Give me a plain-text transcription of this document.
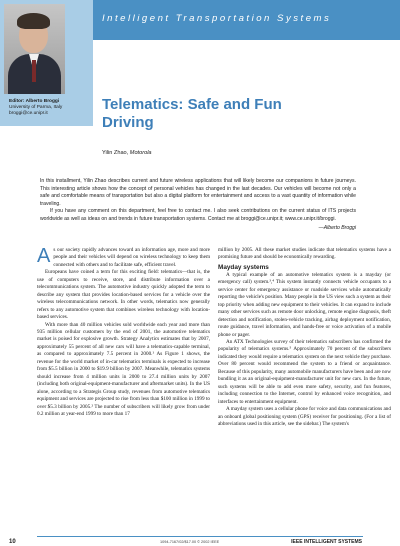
Intelligent Transportation Systems
Editor: Alberto Broggi
University of Parma, Italy
broggi@ce.unipr.it
Telematics: Safe and Fun
Driving
Yilin Zhao, Motorola

In this installment, Yilin Zhao describes current and future wireless applications that will likely become our companions in future journeys. This interesting article shows how the concept of personal vehicles has changed in the last decades. Our vehicles will become not only a safe and comfortable means of transportation but also a digital platform for entertainment and access to a vast quantity of information while traveling.

If you have any comment on this department, feel free to contact me. I also seek contributions on the current status of ITS projects worldwide as well as ideas on and trends in future transportation systems. Contact me at broggi@ce.unipr.it; www.ce.unipr.it/broggi.

—Alberto Broggi

As our society rapidly advances toward an information age, more and more people and their vehicles will depend on wireless technology to keep them connected with others and to facilitate safe, efficient travel.

Europeans have coined a term for this exciting field: telematics—that is, the use of computers to receive, store, and distribute information over a telecommunications system. The automotive industry quickly adopted the term to describe any system that provides location-based services for a vehicle over the wireless telecommunications network. In other words, telematics now generally refers to any automotive system that combines wireless technology with location-based services.

With more than 40 million vehicles sold worldwide each year and more than 935 million cellular customers by the end of 2001, the automotive telematics market is poised for explosive growth. Strategy Analytics estimates that by 2007, approximately 55 percent of all new cars will have a telematics-capable terminal, as compared to approximately 7.5 percent in 2000.¹ As Figure 1 shows, the revenue for the world market of in-car telematics terminals is expected to increase from $5.5 billion in 2000 to $19.9 billion by 2007. Meanwhile, telematics systems should increase from 4 million units in 2000 to 27.4 million units by 2007 (including both original-equipment-manufacturer and aftermarket units). In the US alone, according to a Strategis Group study, revenues from automotive telematics equipment and services are projected to rise from less than $100 million in 1999 to over $5.3 billion by 2005.² The number of subscribers will likely grow from under 0.2 million at year-end 1999 to more than 17

million by 2005. All these market studies indicate that telematics systems have a promising future and should be economically rewarding.

Mayday systems

A typical example of an automotive telematics system is a mayday (or emergency call) system.³,⁴ This system instantly connects vehicle occupants to a service center for emergency assistance or roadside services while automatically reporting the vehicle's position. Many people in the US view such a system as their top priority when adding new equipment to their vehicles. It can expand to include many other services such as remote door unlocking, remote engine diagnosis, theft detection and notification, stolen-vehicle tracking, airbag deployment notification, route guidance, travel information, and hands-free or voice activation of a mobile phone or pager.

An ATX Technologies survey of their telematics subscribers has confirmed the popularity of telematics systems.⁵ Approximately 70 percent of the subscribers indicated they would require a telematics system on the next vehicle they purchase. Over 80 percent would recommend the system to a friend or acquaintance. Because of this popularity, many automobile manufacturers have been and are now bundling it as an original-equipment-manufacturer unit for new cars. In the future, such systems will be able to add even more safety, security, and fun features, including connection to the Internet, control by enhanced voice recognition, and interfaces to entertainment equipment.

A mayday system uses a cellular phone for voice and data communications and an onboard global positioning system (GPS) receiver for positioning. (For a list of abbreviations used in this article, see the sidebar.) The system's

10	1094-7167/02/$17.00 © 2002 IEEE	IEEE INTELLIGENT SYSTEMS
